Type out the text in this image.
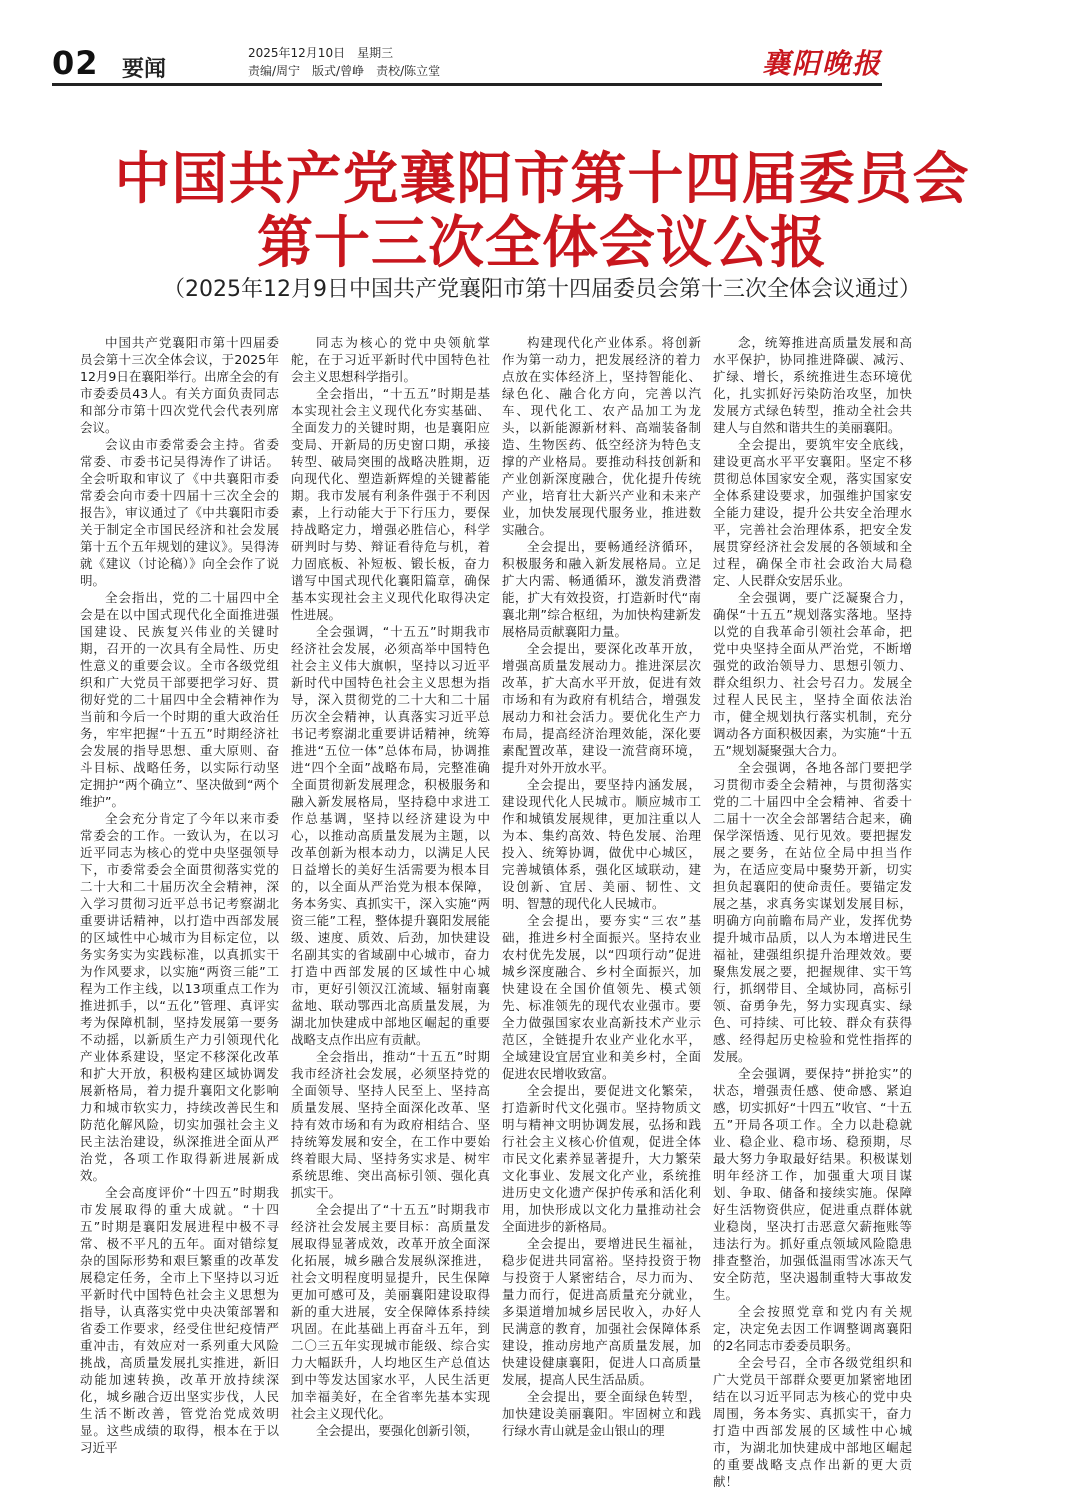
02 要闻
2025年12月10日　星期三
责编/周宁　版式/曾峥　责校/陈立堂	襄阳晚报
中国共产党襄阳市第十四届委员会
第十三次全体会议公报
（2025年12月9日中国共产党襄阳市第十四届委员会第十三次全体会议通过）

中国共产党襄阳市第十四届委员会第十三次全体会议，于2025年12月9日在襄阳举行。出席全会的有市委委员43人。有关方面负责同志和部分市第十四次党代会代表列席会议。

会议由市委常委会主持。省委常委、市委书记吴得涛作了讲话。全会听取和审议了《中共襄阳市委常委会向市委十四届十三次全会的报告》，审议通过了《中共襄阳市委关于制定全市国民经济和社会发展第十五个五年规划的建议》。吴得涛就《建议（讨论稿）》向全会作了说明。

全会指出，党的二十届四中全会是在以中国式现代化全面推进强国建设、民族复兴伟业的关键时期，召开的一次具有全局性、历史性意义的重要会议。全市各级党组织和广大党员干部要把学习好、贯彻好党的二十届四中全会精神作为当前和今后一个时期的重大政治任务，牢牢把握“十五五”时期经济社会发展的指导思想、重大原则、奋斗目标、战略任务，以实际行动坚定拥护“两个确立”、坚决做到“两个维护”。

全会充分肯定了今年以来市委常委会的工作。一致认为，在以习近平同志为核心的党中央坚强领导下，市委常委会全面贯彻落实党的二十大和二十届历次全会精神，深入学习贯彻习近平总书记考察湖北重要讲话精神，以打造中西部发展的区域性中心城市为目标定位，以务实务实为实践标准，以真抓实干为作风要求，以实施“两资三能”工程为工作主线，以13项重点工作为推进抓手，以“五化”管理、真评实考为保障机制，坚持发展第一要务不动摇，以新质生产力引领现代化产业体系建设，坚定不移深化改革和扩大开放，积极构建区域协调发展新格局，着力提升襄阳文化影响力和城市软实力，持续改善民生和防范化解风险，切实加强社会主义民主法治建设，纵深推进全面从严治党，各项工作取得新进展新成效。

全会高度评价“十四五”时期我市发展取得的重大成就。“十四五”时期是襄阳发展进程中极不寻常、极不平凡的五年。面对错综复杂的国际形势和艰巨繁重的改革发展稳定任务，全市上下坚持以习近平新时代中国特色社会主义思想为指导，认真落实党中央决策部署和省委工作要求，经受住世纪疫情严重冲击，有效应对一系列重大风险挑战，高质量发展扎实推进，新旧动能加速转换，改革开放持续深化，城乡融合迈出坚实步伐，人民生活不断改善，管党治党成效明显。这些成绩的取得，根本在于以习近平

同志为核心的党中央领航掌舵，在于习近平新时代中国特色社会主义思想科学指引。

全会指出，“十五五”时期是基本实现社会主义现代化夯实基础、全面发力的关键时期，也是襄阳应变局、开新局的历史窗口期，承接转型、破局突围的战略决胜期，迈向现代化、塑造新辉煌的关键蓄能期。我市发展有利条件强于不利因素，上行动能大于下行压力，要保持战略定力，增强必胜信心，科学研判时与势、辩证看待危与机，着力固底板、补短板、锻长板，奋力谱写中国式现代化襄阳篇章，确保基本实现社会主义现代化取得决定性进展。

全会强调，“十五五”时期我市经济社会发展，必须高举中国特色社会主义伟大旗帜，坚持以习近平新时代中国特色社会主义思想为指导，深入贯彻党的二十大和二十届历次全会精神，认真落实习近平总书记考察湖北重要讲话精神，统筹推进“五位一体”总体布局，协调推进“四个全面”战略布局，完整准确全面贯彻新发展理念，积极服务和融入新发展格局，坚持稳中求进工作总基调，坚持以经济建设为中心，以推动高质量发展为主题，以改革创新为根本动力，以满足人民日益增长的美好生活需要为根本目的，以全面从严治党为根本保障，务本务实、真抓实干，深入实施“两资三能”工程，整体提升襄阳发展能级、速度、质效、后劲，加快建设名副其实的省域副中心城市，奋力打造中西部发展的区域性中心城市，更好引领汉江流域、辐射南襄盆地、联动鄂西北高质量发展，为湖北加快建成中部地区崛起的重要战略支点作出应有贡献。

全会指出，推动“十五五”时期我市经济社会发展，必须坚持党的全面领导、坚持人民至上、坚持高质量发展、坚持全面深化改革、坚持有效市场和有为政府相结合、坚持统筹发展和安全，在工作中要始终着眼大局、坚持务实求是、树牢系统思维、突出高标引领、强化真抓实干。

全会提出了“十五五”时期我市经济社会发展主要目标：高质量发展取得显著成效，改革开放全面深化拓展，城乡融合发展纵深推进，社会文明程度明显提升，民生保障更加可感可及，美丽襄阳建设取得新的重大进展，安全保障体系持续巩固。在此基础上再奋斗五年，到二〇三五年实现城市能级、综合实力大幅跃升，人均地区生产总值达到中等发达国家水平，人民生活更加幸福美好，在全省率先基本实现社会主义现代化。

全会提出，要强化创新引领，

构建现代化产业体系。将创新作为第一动力，把发展经济的着力点放在实体经济上，坚持智能化、绿色化、融合化方向，完善以汽车、现代化工、农产品加工为龙头，以新能源新材料、高端装备制造、生物医药、低空经济为特色支撑的产业格局。要推动科技创新和产业创新深度融合，优化提升传统产业，培育壮大新兴产业和未来产业，加快发展现代服务业，推进数实融合。

全会提出，要畅通经济循环，积极服务和融入新发展格局。立足扩大内需、畅通循环，激发消费潜能，扩大有效投资，打造新时代“南襄北荆”综合枢纽，为加快构建新发展格局贡献襄阳力量。

全会提出，要深化改革开放，增强高质量发展动力。推进深层次改革，扩大高水平开放，促进有效市场和有为政府有机结合，增强发展动力和社会活力。要优化生产力布局，提高经济治理效能，深化要素配置改革，建设一流营商环境，提升对外开放水平。

全会提出，要坚持内涵发展，建设现代化人民城市。顺应城市工作和城镇发展规律，更加注重以人为本、集约高效、特色发展、治理投入、统筹协调，做优中心城区，完善城镇体系，强化区域联动，建设创新、宜居、美丽、韧性、文明、智慧的现代化人民城市。

全会提出，要夯实“三农”基础，推进乡村全面振兴。坚持农业农村优先发展，以“四项行动”促进城乡深度融合、乡村全面振兴，加快建设在全国价值领先、模式领先、标准领先的现代农业强市。要全力做强国家农业高新技术产业示范区，全链提升农业产业化水平，全域建设宜居宜业和美乡村，全面促进农民增收致富。

全会提出，要促进文化繁荣，打造新时代文化强市。坚持物质文明与精神文明协调发展，弘扬和践行社会主义核心价值观，促进全体市民文化素养显著提升，大力繁荣文化事业、发展文化产业，系统推进历史文化遗产保护传承和活化利用，加快形成以文化力量推动社会全面进步的新格局。

全会提出，要增进民生福祉，稳步促进共同富裕。坚持投资于物与投资于人紧密结合，尽力而为、量力而行，促进高质量充分就业，多渠道增加城乡居民收入，办好人民满意的教育，加强社会保障体系建设，推动房地产高质量发展，加快建设健康襄阳，促进人口高质量发展，提高人民生活品质。

全会提出，要全面绿色转型，加快建设美丽襄阳。牢固树立和践行绿水青山就是金山银山的理

念，统筹推进高质量发展和高水平保护，协同推进降碳、减污、扩绿、增长，系统推进生态环境优化，扎实抓好污染防治攻坚，加快发展方式绿色转型，推动全社会共建人与自然和谐共生的美丽襄阳。

全会提出，要筑牢安全底线，建设更高水平平安襄阳。坚定不移贯彻总体国家安全观，落实国家安全体系建设要求，加强维护国家安全能力建设，提升公共安全治理水平，完善社会治理体系，把安全发展贯穿经济社会发展的各领域和全过程，确保全市社会政治大局稳定、人民群众安居乐业。

全会强调，要广泛凝聚合力，确保“十五五”规划落实落地。坚持以党的自我革命引领社会革命，把党中央坚持全面从严治党，不断增强党的政治领导力、思想引领力、群众组织力、社会号召力。发展全过程人民民主，坚持全面依法治市，健全规划执行落实机制，充分调动各方面积极因素，为实施“十五五”规划凝聚强大合力。

全会强调，各地各部门要把学习贯彻市委全会精神，与贯彻落实党的二十届四中全会精神、省委十二届十一次全会部署结合起来，确保学深悟透、见行见效。要把握发展之要务，在站位全局中担当作为，在适应变局中聚势开新，切实担负起襄阳的使命责任。要锚定发展之基，求真务实谋划发展目标，明确方向前瞻布局产业，发挥优势提升城市品质，以人为本增进民生福祉，建强组织提升治理效效。要聚焦发展之要，把握规律、实干笃行，抓纲带目、全域协同，高标引领、奋勇争先，努力实现真实、绿色、可持续、可比较、群众有获得感、经得起历史检验和党性指挥的发展。

全会强调，要保持“拼抢实”的状态，增强责任感、使命感、紧迫感，切实抓好“十四五”收官、“十五五”开局各项工作。全力以赴稳就业、稳企业、稳市场、稳预期，尽最大努力争取最好结果。积极谋划明年经济工作，加强重大项目谋划、争取、储备和接续实施。保障好生活物资供应，促进重点群体就业稳岗，坚决打击恶意欠薪拖账等违法行为。抓好重点领域风险隐患排查整治，加强低温雨雪冰冻天气安全防范，坚决遏制重特大事故发生。

全会按照党章和党内有关规定，决定免去因工作调整调离襄阳的2名同志市委委员职务。

全会号召，全市各级党组织和广大党员干部群众要更加紧密地团结在以习近平同志为核心的党中央周围，务本务实、真抓实干，奋力打造中西部发展的区域性中心城市，为湖北加快建成中部地区崛起的重要战略支点作出新的更大贡献！
